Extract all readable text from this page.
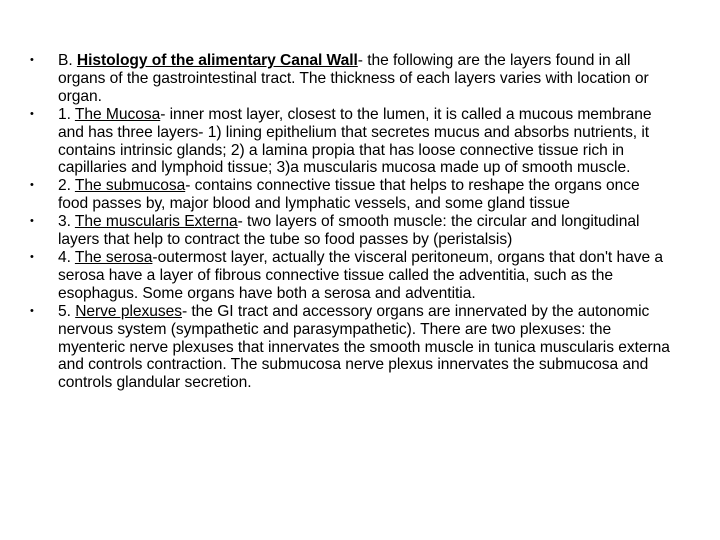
• B. Histology of the alimentary Canal Wall- the following are the layers found in all organs of the gastrointestinal tract. The thickness of each layers varies with location or organ.
• 1. The Mucosa- inner most layer, closest to the lumen, it is called a mucous membrane and has three layers- 1) lining epithelium that secretes mucus and absorbs nutrients, it contains intrinsic glands; 2) a lamina propia that has loose connective tissue rich in capillaries and lymphoid tissue; 3)a muscularis mucosa made up of smooth muscle.
• 2. The submucosa- contains connective tissue that helps to reshape the organs once food passes by, major blood and lymphatic vessels, and some gland tissue
• 3. The muscularis Externa- two layers of smooth muscle: the circular and longitudinal layers that help to contract the tube so food passes by (peristalsis)
• 4. The serosa-outermost layer, actually the visceral peritoneum, organs that don't have a serosa have a layer of fibrous connective tissue called the adventitia, such as the esophagus. Some organs have both a serosa and adventitia.
• 5. Nerve plexuses- the GI tract and accessory organs are innervated by the autonomic nervous system (sympathetic and parasympathetic). There are two plexuses: the myenteric nerve plexuses that innervates the smooth muscle in tunica muscularis externa and controls contraction. The submucosa nerve plexus innervates the submucosa and controls glandular secretion.
